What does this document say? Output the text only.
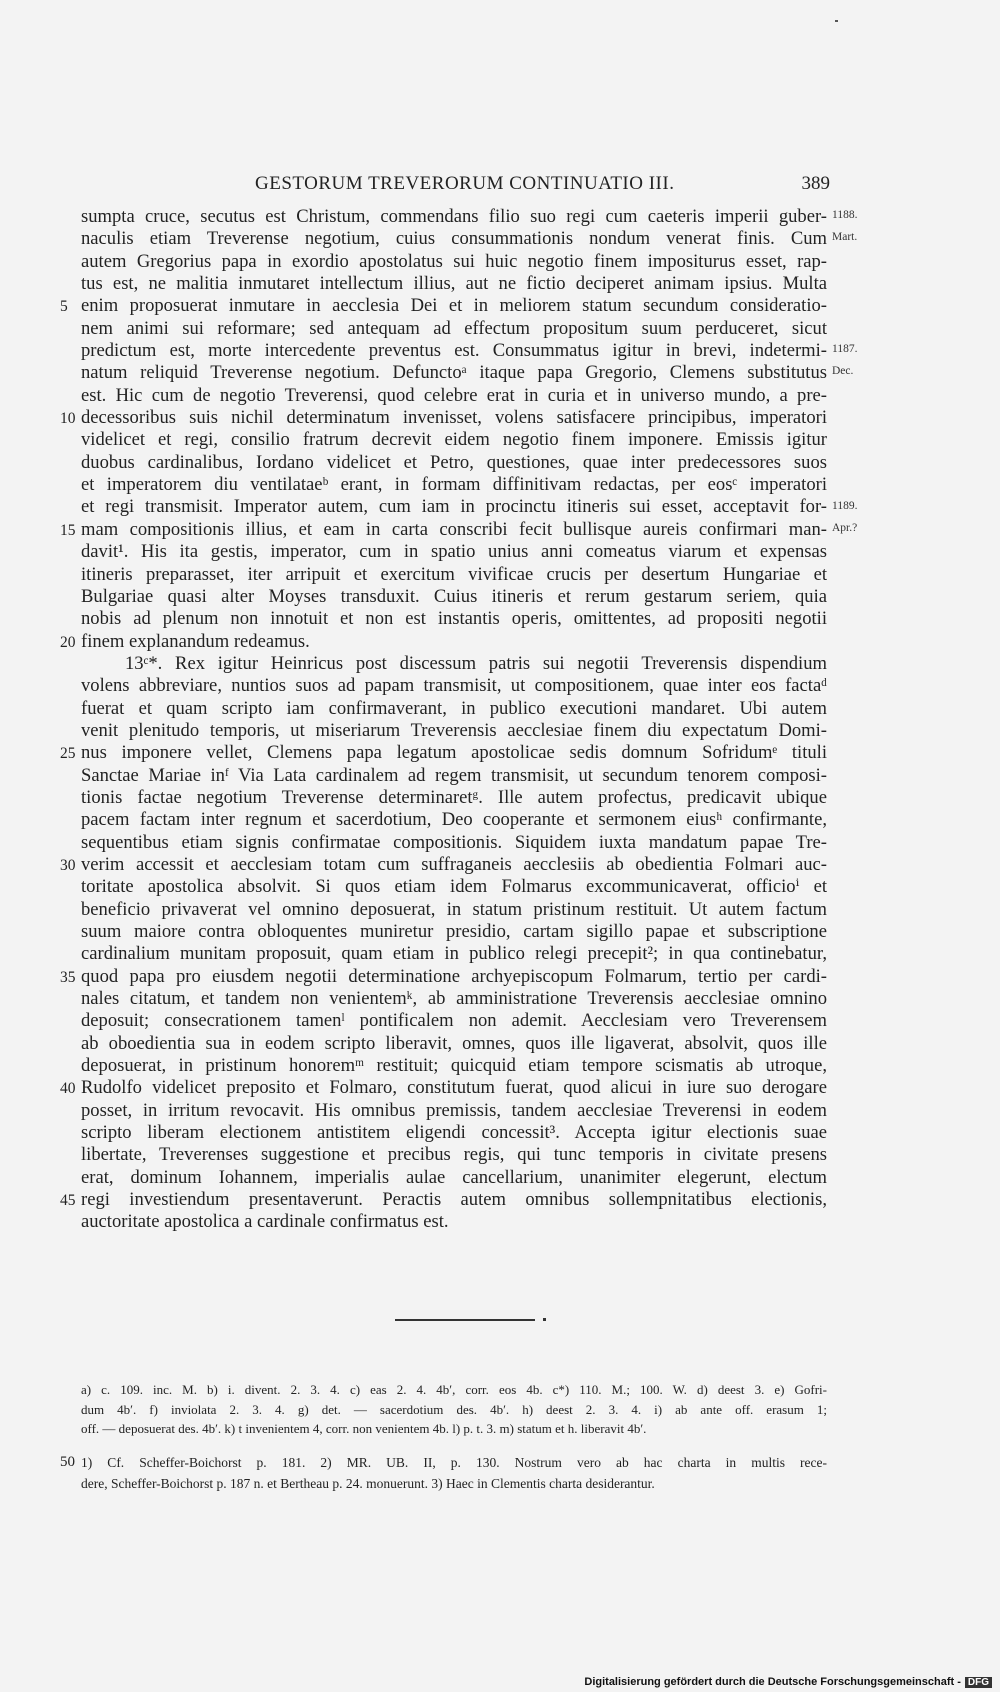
GESTORUM TREVERORUM CONTINUATIO III.	389
sumpta cruce, secutus est Christum, commendans filio suo regi cum caeteris imperii guber-
naculis etiam Treverense negotium, cuius consummationis nondum venerat finis. Cum
autem Gregorius papa in exordio apostolatus sui huic negotio finem impositurus esset, rap-
tus est, ne malitia inmutaret intellectum illius, aut ne fictio deciperet animam ipsius. Multa
5 enim proposuerat inmutare in aecclesia Dei et in meliorem statum secundum consideratio-
nem animi sui reformare; sed antequam ad effectum propositum suum perduceret, sicut
predictum est, morte intercedente preventus est. Consummatus igitur in brevi, indetermi-
natum reliquid Treverense negotium. Defunctoᵃ itaque papa Gregorio, Clemens substitutus
est. Hic cum de negotio Treverensi, quod celebre erat in curia et in universo mundo, a pre-
10 decessoribus suis nichil determinatum invenisset, volens satisfacere principibus, imperatori
videlicet et regi, consilio fratrum decrevit eidem negotio finem imponere. Emissis igitur
duobus cardinalibus, Iordano videlicet et Petro, questiones, quae inter predecessores suos
et imperatorem diu ventilataeᵇ erant, in formam diffinitivam redactas, per eosᶜ imperatori
et regi transmisit. Imperator autem, cum iam in procinctu itineris sui esset, acceptavit for-
15 mam compositionis illius, et eam in carta conscribi fecit bullisque aureis confirmari man-
davit¹. His ita gestis, imperator, cum in spatio unius anni comeatus viarum et expensas
itineris preparasset, iter arripuit et exercitum vivificae crucis per desertum Hungariae et
Bulgariae quasi alter Moyses transduxit. Cuius itineris et rerum gestarum seriem, quia
nobis ad plenum non innotuit et non est instantis operis, omittentes, ad propositi negotii
20 finem explanandum redeamus.
13ᶜ*. Rex igitur Heinricus post discessum patris sui negotii Treverensis dispendium
volens abbreviare, nuntios suos ad papam transmisit, ut compositionem, quae inter eos factaᵈ
fuerat et quam scripto iam confirmaverant, in publico executioni mandaret. Ubi autem
venit plenitudo temporis, ut miseriarum Treverensis aecclesiae finem diu expectatum Domi-
25 nus imponere vellet, Clemens papa legatum apostolicae sedis domnum Sofridumᵉ tituli
Sanctae Mariae inᶠ Via Lata cardinalem ad regem transmisit, ut secundum tenorem composi-
tionis factae negotium Treverense determinaretᵍ. Ille autem profectus, predicavit ubique
pacem factam inter regnum et sacerdotium, Deo cooperante et sermonem eiusʰ confirmante,
sequentibus etiam signis confirmatae compositionis. Siquidem iuxta mandatum papae Tre-
30 verim accessit et aecclesiam totam cum suffraganeis aecclesiis ab obedientia Folmari auc-
toritate apostolica absolvit. Si quos etiam idem Folmarus excommunicaverat, officioⁱ et
beneficio privaverat vel omnino deposuerat, in statum pristinum restituit. Ut autem factum
suum maiore contra obloquentes muniretur presidio, cartam sigillo papae et subscriptione
cardinalium munitam proposuit, quam etiam in publico relegi precepit²; in qua continebatur,
35 quod papa pro eiusdem negotii determinatione archyepiscopum Folmarum, tertio per cardi-
nales citatum, et tandem non venientemᵏ, ab amministratione Treverensis aecclesiae omnino
deposuit; consecrationem tamenˡ pontificalem non ademit. Aecclesiam vero Treverensem
ab oboedientia sua in eodem scripto liberavit, omnes, quos ille ligaverat, absolvit, quos ille
deposuerat, in pristinum honoremᵐ restituit; quicquid etiam tempore scismatis ab utroque,
40 Rudolfo videlicet preposito et Folmaro, constitutum fuerat, quod alicui in iure suo derogare
posset, in irritum revocavit. His omnibus premissis, tandem aecclesiae Treverensi in eodem
scripto liberam electionem antistitem eligendi concessit³. Accepta igitur electionis suae
libertate, Treverenses suggestione et precibus regis, qui tunc temporis in civitate presens
erat, dominum Iohannem, imperialis aulae cancellarium, unanimiter elegerunt, electum
45 regi investiendum presentaverunt. Peractis autem omnibus sollempnitatibus electionis,
auctoritate apostolica a cardinale confirmatus est.
1188.
Mart.
1187.
Dec.
1189.
Apr.?
a) c. 109. inc. M. b) i. divent. 2. 3. 4. c) eas 2. 4. 4bʹ, corr. eos 4b. c*) 110. M.; 100. W. d) deest 3. e) Gofri-
dum 4bʹ. f) inviolata 2. 3. 4. g) det. — sacerdotium des. 4bʹ. h) deest 2. 3. 4. i) ab ante off. erasum 1;
off. — deposuerat des. 4bʹ. k) t invenientem 4, corr. non venientem 4b. l) p. t. 3. m) statum et h. liberavit 4bʹ.
50 1) Cf. Scheffer-Boichorst p. 181. 2) MR. UB. II, p. 130. Nostrum vero ab hac charta in multis rece-
dere, Scheffer-Boichorst p. 187 n. et Bertheau p. 24. monuerunt. 3) Haec in Clementis charta desiderantur.
Digitalisierung gefördert durch die Deutsche Forschungsgemeinschaft - DFG
